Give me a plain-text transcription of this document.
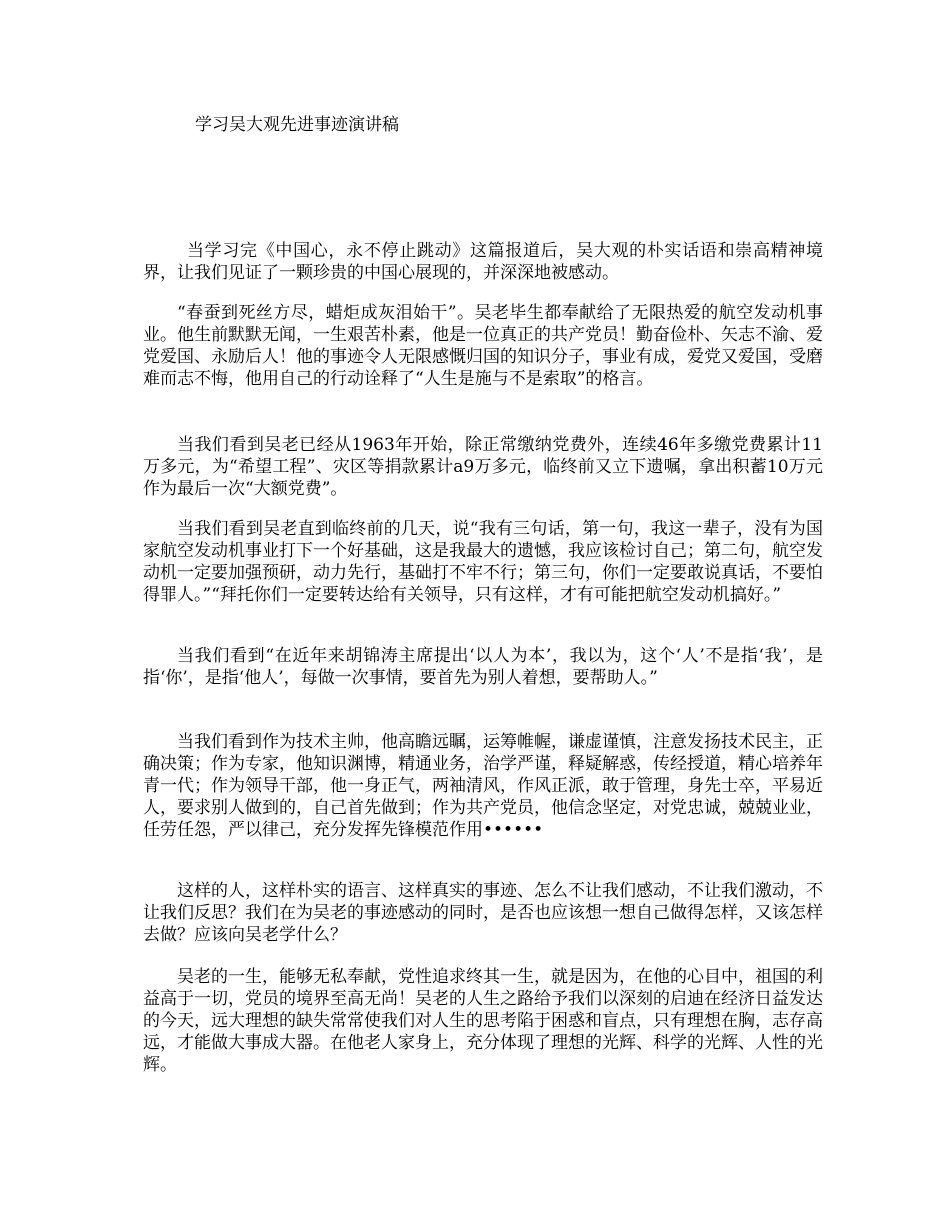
学习吴大观先进事迹演讲稿

当学习完《中国心，永不停止跳动》这篇报道后，吴大观的朴实话语和崇高精神境界，让我们见证了一颗珍贵的中国心展现的，并深深地被感动。

“春蚕到死丝方尽，蜡炬成灰泪始干”。吴老毕生都奉献给了无限热爱的航空发动机事业。他生前默默无闻，一生艰苦朴素，他是一位真正的共产党员！勤奋俭朴、矢志不渝、爱党爱国、永励后人！他的事迹令人无限感慨归国的知识分子，事业有成，爱党又爱国，受磨难而志不悔，他用自己的行动诠释了“人生是施与不是索取”的格言。

当我们看到吴老已经从1963年开始，除正常缴纳党费外，连续46年多缴党费累计11万多元，为“希望工程”、灾区等捐款累计a9万多元，临终前又立下遗嘱，拿出积蓄10万元作为最后一次“大额党费”。

当我们看到吴老直到临终前的几天，说“我有三句话，第一句，我这一辈子，没有为国家航空发动机事业打下一个好基础，这是我最大的遗憾，我应该检讨自己；第二句，航空发动机一定要加强预研，动力先行，基础打不牢不行；第三句，你们一定要敢说真话，不要怕得罪人。”“拜托你们一定要转达给有关领导，只有这样，才有可能把航空发动机搞好。”

当我们看到“在近年来胡锦涛主席提出‘以人为本’，我以为，这个‘人’不是指‘我’，是指‘你’，是指‘他人’，每做一次事情，要首先为别人着想，要帮助人。”

当我们看到作为技术主帅，他高瞻远瞩，运筹帷幄，谦虚谨慎，注意发扬技术民主，正确决策；作为专家，他知识渊博，精通业务，治学严谨，释疑解惑，传经授道，精心培养年青一代；作为领导干部，他一身正气，两袖清风，作风正派，敢于管理，身先士卒，平易近人，要求别人做到的，自己首先做到；作为共产党员，他信念坚定，对党忠诚，兢兢业业，任劳任怨，严以律己，充分发挥先锋模范作用••••••

这样的人，这样朴实的语言、这样真实的事迹、怎么不让我们感动，不让我们激动，不让我们反思？我们在为吴老的事迹感动的同时，是否也应该想一想自己做得怎样，又该怎样去做？应该向吴老学什么？

吴老的一生，能够无私奉献，党性追求终其一生，就是因为，在他的心目中，祖国的利益高于一切，党员的境界至高无尚！吴老的人生之路给予我们以深刻的启迪在经济日益发达的今天，远大理想的缺失常常使我们对人生的思考陷于困惑和盲点，只有理想在胸，志存高远，才能做大事成大器。在他老人家身上，充分体现了理想的光辉、科学的光辉、人性的光辉。
